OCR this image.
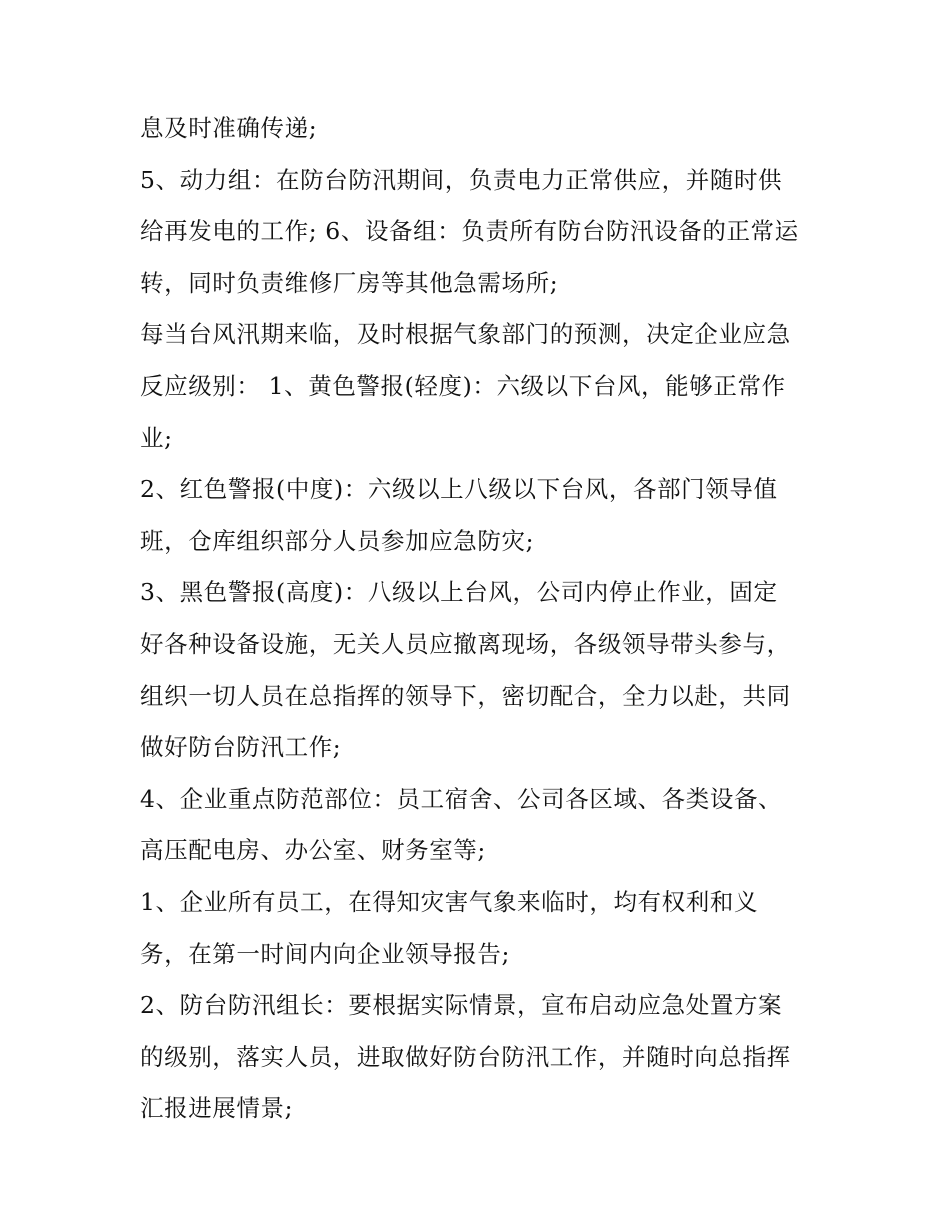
息及时准确传递;
5、动力组：在防台防汛期间，负责电力正常供应，并随时供
给再发电的工作; 6、设备组：负责所有防台防汛设备的正常运
转，同时负责维修厂房等其他急需场所;
每当台风汛期来临，及时根据气象部门的预测，决定企业应急
反应级别： 1、黄色警报(轻度)：六级以下台风，能够正常作
业;
2、红色警报(中度)：六级以上八级以下台风，各部门领导值
班，仓库组织部分人员参加应急防灾;
3、黑色警报(高度)：八级以上台风，公司内停止作业，固定
好各种设备设施，无关人员应撤离现场，各级领导带头参与，
组织一切人员在总指挥的领导下，密切配合，全力以赴，共同
做好防台防汛工作;
4、企业重点防范部位：员工宿舍、公司各区域、各类设备、
高压配电房、办公室、财务室等;
1、企业所有员工，在得知灾害气象来临时，均有权利和义
务，在第一时间内向企业领导报告;
2、防台防汛组长：要根据实际情景，宣布启动应急处置方案
的级别，落实人员，进取做好防台防汛工作，并随时向总指挥
汇报进展情景;
